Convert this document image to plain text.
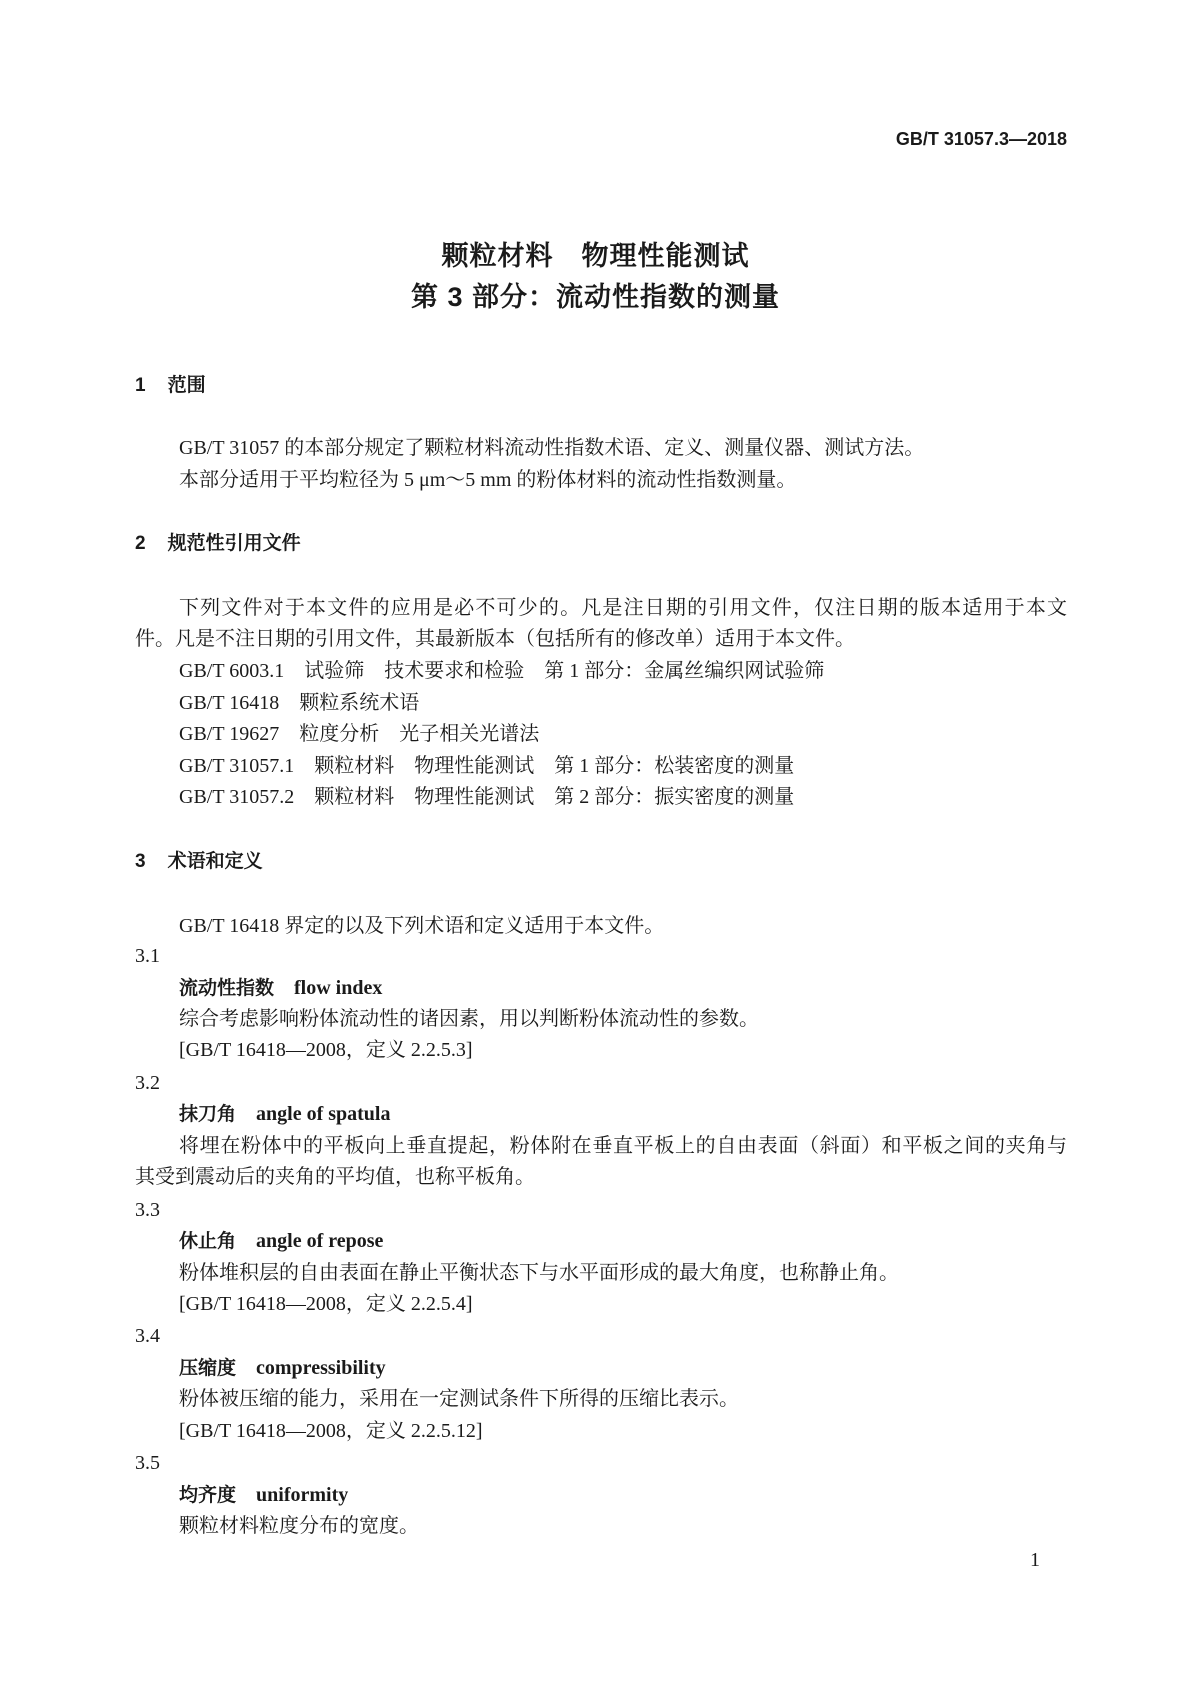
GB/T 31057.3—2018
颗粒材料　物理性能测试
第 3 部分：流动性指数的测量
1 范围
GB/T 31057 的本部分规定了颗粒材料流动性指数术语、定义、测量仪器、测试方法。
本部分适用于平均粒径为 5 μm～5 mm 的粉体材料的流动性指数测量。
2 规范性引用文件
下列文件对于本文件的应用是必不可少的。凡是注日期的引用文件，仅注日期的版本适用于本文
件。凡是不注日期的引用文件，其最新版本（包括所有的修改单）适用于本文件。
GB/T 6003.1　试验筛　技术要求和检验　第 1 部分：金属丝编织网试验筛
GB/T 16418　颗粒系统术语
GB/T 19627　粒度分析　光子相关光谱法
GB/T 31057.1　颗粒材料　物理性能测试　第 1 部分：松装密度的测量
GB/T 31057.2　颗粒材料　物理性能测试　第 2 部分：振实密度的测量
3 术语和定义
GB/T 16418 界定的以及下列术语和定义适用于本文件。
3.1
流动性指数 flow index
综合考虑影响粉体流动性的诸因素，用以判断粉体流动性的参数。
[GB/T 16418—2008，定义 2.2.5.3]
3.2
抹刀角 angle of spatula
将埋在粉体中的平板向上垂直提起，粉体附在垂直平板上的自由表面（斜面）和平板之间的夹角与
其受到震动后的夹角的平均值，也称平板角。
3.3
休止角 angle of repose
粉体堆积层的自由表面在静止平衡状态下与水平面形成的最大角度，也称静止角。
[GB/T 16418—2008，定义 2.2.5.4]
3.4
压缩度 compressibility
粉体被压缩的能力，采用在一定测试条件下所得的压缩比表示。
[GB/T 16418—2008，定义 2.2.5.12]
3.5
均齐度 uniformity
颗粒材料粒度分布的宽度。
1
